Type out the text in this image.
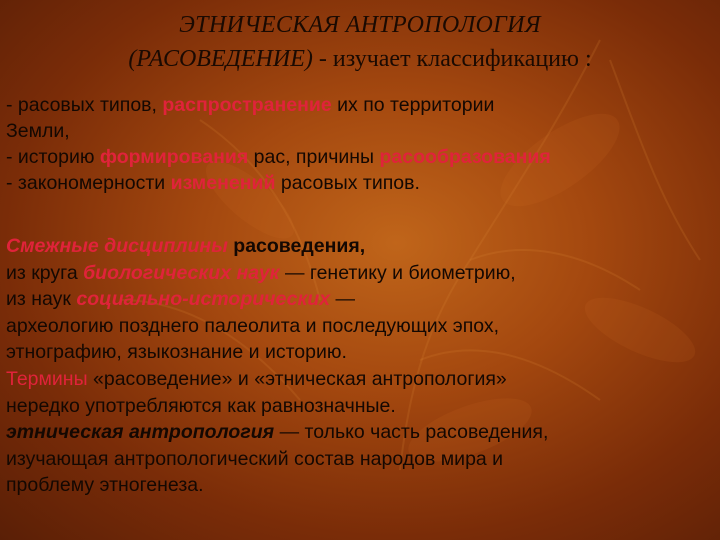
ЭТНИЧЕСКАЯ АНТРОПОЛОГИЯ
(РАСОВЕДЕНИЕ) - изучает классификацию :
- расовых типов, распространение их по территории
Земли,
- историю формирования рас, причины расообразования
- закономерности изменений расовых типов.
Смежные дисциплины расоведения,
из круга биологических наук — генетику и биометрию,
из наук социально-исторических —
археологию позднего палеолита и последующих эпох,
этнографию, языкознание и историю.
Термины «расоведение» и «этническая антропология»
нередко употребляются как равнозначные.
этническая антропология — только часть расоведения,
изучающая антропологический состав народов мира и
проблему этногенеза.
